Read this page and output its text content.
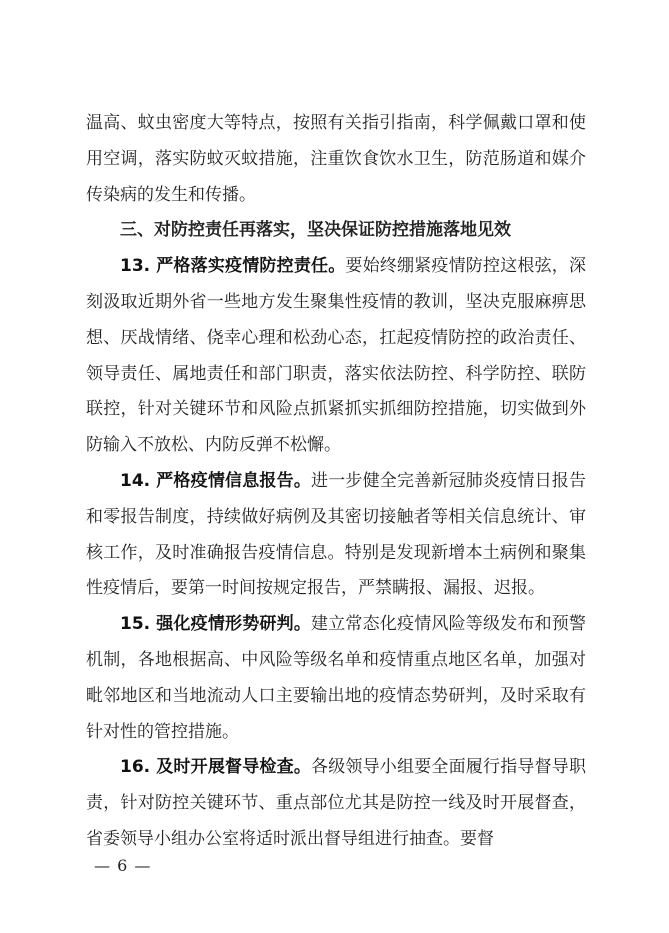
温高、蚊虫密度大等特点，按照有关指引指南，科学佩戴口罩和使用空调，落实防蚊灭蚊措施，注重饮食饮水卫生，防范肠道和媒介传染病的发生和传播。

三、对防控责任再落实，坚决保证防控措施落地见效

13. 严格落实疫情防控责任。要始终绷紧疫情防控这根弦，深刻汲取近期外省一些地方发生聚集性疫情的教训，坚决克服麻痹思想、厌战情绪、侥幸心理和松劲心态，扛起疫情防控的政治责任、领导责任、属地责任和部门职责，落实依法防控、科学防控、联防联控，针对关键环节和风险点抓紧抓实抓细防控措施，切实做到外防输入不放松、内防反弹不松懈。

14. 严格疫情信息报告。进一步健全完善新冠肺炎疫情日报告和零报告制度，持续做好病例及其密切接触者等相关信息统计、审核工作，及时准确报告疫情信息。特别是发现新增本土病例和聚集性疫情后，要第一时间按规定报告，严禁瞒报、漏报、迟报。

15. 强化疫情形势研判。建立常态化疫情风险等级发布和预警机制，各地根据高、中风险等级名单和疫情重点地区名单，加强对毗邻地区和当地流动人口主要输出地的疫情态势研判，及时采取有针对性的管控措施。

16. 及时开展督导检查。各级领导小组要全面履行指导督导职责，针对防控关键环节、重点部位尤其是防控一线及时开展督查，省委领导小组办公室将适时派出督导组进行抽查。要督

— 6 —
